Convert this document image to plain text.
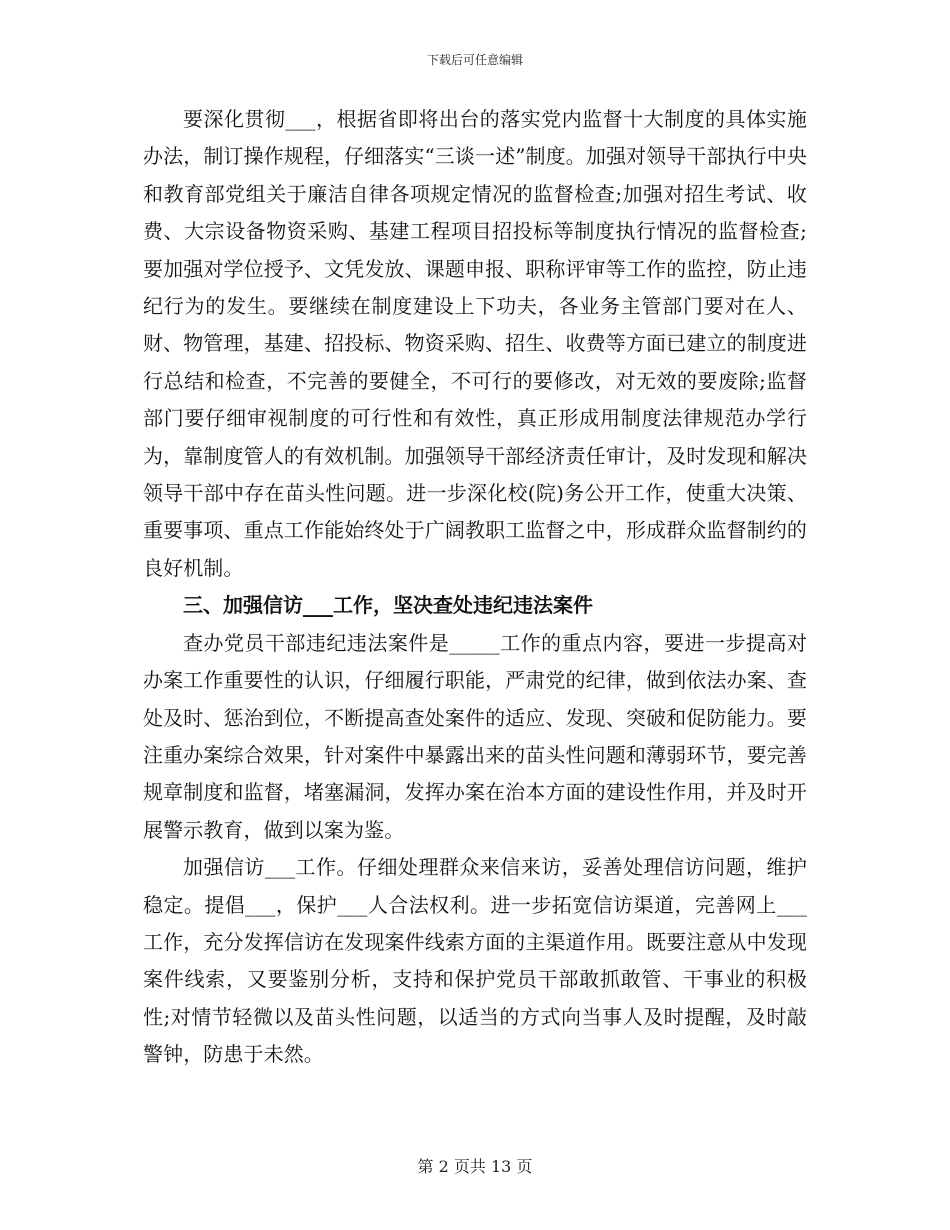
下载后可任意编辑

要深化贯彻___，根据省即将出台的落实党内监督十大制度的具体实施办法，制订操作规程，仔细落实“三谈一述”制度。加强对领导干部执行中央和教育部党组关于廉洁自律各项规定情况的监督检查;加强对招生考试、收费、大宗设备物资采购、基建工程项目招投标等制度执行情况的监督检查;要加强对学位授予、文凭发放、课题申报、职称评审等工作的监控，防止违纪行为的发生。要继续在制度建设上下功夫，各业务主管部门要对在人、财、物管理，基建、招投标、物资采购、招生、收费等方面已建立的制度进行总结和检查，不完善的要健全，不可行的要修改，对无效的要废除;监督部门要仔细审视制度的可行性和有效性，真正形成用制度法律规范办学行为，靠制度管人的有效机制。加强领导干部经济责任审计，及时发现和解决领导干部中存在苗头性问题。进一步深化校(院)务公开工作，使重大决策、重要事项、重点工作能始终处于广阔教职工监督之中，形成群众监督制约的良好机制。

三、加强信访___工作，坚决查处违纪违法案件

查办党员干部违纪违法案件是_____工作的重点内容，要进一步提高对办案工作重要性的认识，仔细履行职能，严肃党的纪律，做到依法办案、查处及时、惩治到位，不断提高查处案件的适应、发现、突破和促防能力。要注重办案综合效果，针对案件中暴露出来的苗头性问题和薄弱环节，要完善规章制度和监督，堵塞漏洞，发挥办案在治本方面的建设性作用，并及时开展警示教育，做到以案为鉴。

加强信访___工作。仔细处理群众来信来访，妥善处理信访问题，维护稳定。提倡___，保护___人合法权利。进一步拓宽信访渠道，完善网上___工作，充分发挥信访在发现案件线索方面的主渠道作用。既要注意从中发现案件线索，又要鉴别分析，支持和保护党员干部敢抓敢管、干事业的积极性;对情节轻微以及苗头性问题，以适当的方式向当事人及时提醒，及时敲警钟，防患于未然。

第 2 页共 13 页
